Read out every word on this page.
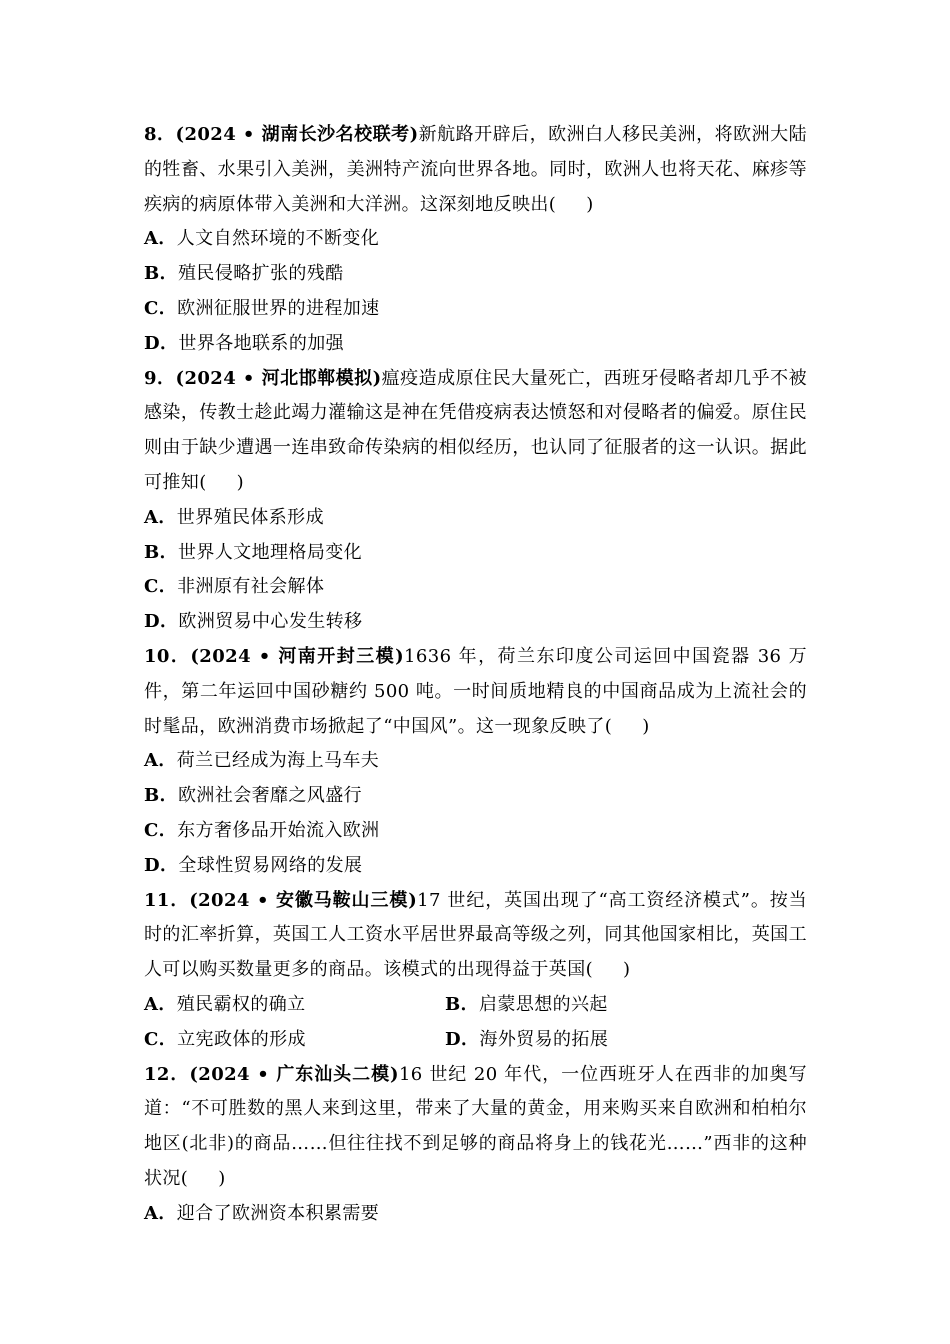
8．(2024 • 湖南长沙名校联考)新航路开辟后，欧洲白人移民美洲，将欧洲大陆的牲畜、水果引入美洲，美洲特产流向世界各地。同时，欧洲人也将天花、麻疹等疾病的病原体带入美洲和大洋洲。这深刻地反映出( )
A．人文自然环境的不断变化
B．殖民侵略扩张的残酷
C．欧洲征服世界的进程加速
D．世界各地联系的加强
9．(2024 • 河北邯郸模拟)瘟疫造成原住民大量死亡，西班牙侵略者却几乎不被感染，传教士趁此竭力灌输这是神在凭借疫病表达愤怒和对侵略者的偏爱。原住民则由于缺少遭遇一连串致命传染病的相似经历，也认同了征服者的这一认识。据此可推知( )
A．世界殖民体系形成
B．世界人文地理格局变化
C．非洲原有社会解体
D．欧洲贸易中心发生转移
10．(2024 • 河南开封三模)1636 年，荷兰东印度公司运回中国瓷器 36 万件，第二年运回中国砂糖约 500 吨。一时间质地精良的中国商品成为上流社会的时髦品，欧洲消费市场掀起了“中国风”。这一现象反映了( )
A．荷兰已经成为海上马车夫
B．欧洲社会奢靡之风盛行
C．东方奢侈品开始流入欧洲
D．全球性贸易网络的发展
11．(2024 • 安徽马鞍山三模)17 世纪，英国出现了“高工资经济模式”。按当时的汇率折算，英国工人工资水平居世界最高等级之列，同其他国家相比，英国工人可以购买数量更多的商品。该模式的出现得益于英国( )
A．殖民霸权的确立	B．启蒙思想的兴起
C．立宪政体的形成	D．海外贸易的拓展
12．(2024 • 广东汕头二模)16 世纪 20 年代，一位西班牙人在西非的加奥写道：“不可胜数的黑人来到这里，带来了大量的黄金，用来购买来自欧洲和柏柏尔地区(北非)的商品……但往往找不到足够的商品将身上的钱花光……”西非的这种状况( )
A．迎合了欧洲资本积累需要
